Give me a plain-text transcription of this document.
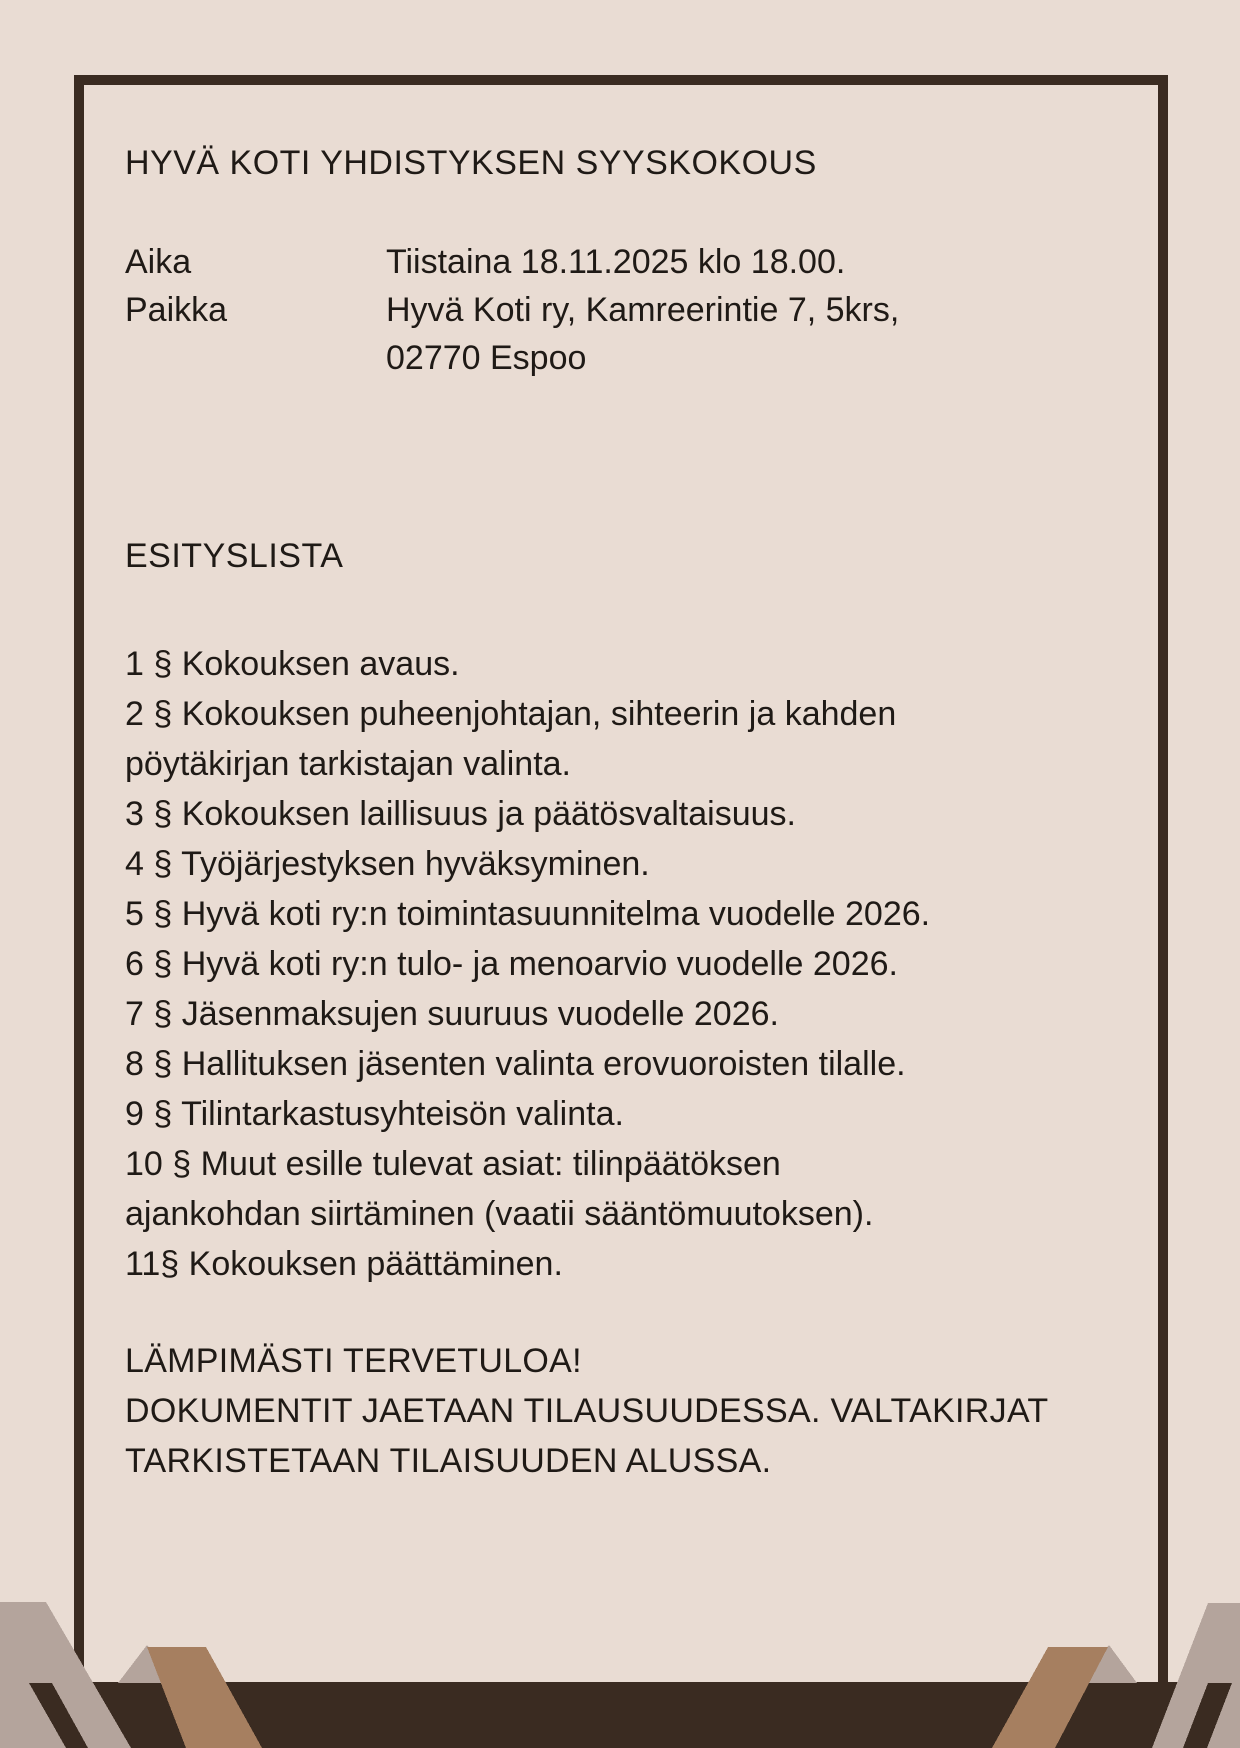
HYVÄ KOTI YHDISTYKSEN SYYSKOKOUS
Aika	Tiistaina 18.11.2025 klo 18.00.
Paikka	Hyvä Koti ry, Kamreerintie 7, 5krs,
02770 Espoo
ESITYSLISTA
1 § Kokouksen avaus.
2 § Kokouksen puheenjohtajan, sihteerin ja kahden
pöytäkirjan tarkistajan valinta.
3 § Kokouksen laillisuus ja päätösvaltaisuus.
4 § Työjärjestyksen hyväksyminen.
5 § Hyvä koti ry:n toimintasuunnitelma vuodelle 2026.
6 § Hyvä koti ry:n tulo- ja menoarvio vuodelle 2026.
7 § Jäsenmaksujen suuruus vuodelle 2026.
8 § Hallituksen jäsenten valinta erovuoroisten tilalle.
9 § Tilintarkastusyhteisön valinta.
10 § Muut esille tulevat asiat: tilinpäätöksen
ajankohdan siirtäminen (vaatii sääntömuutoksen).
11§ Kokouksen päättäminen.
LÄMPIMÄSTI TERVETULOA!
DOKUMENTIT JAETAAN TILAUSUUDESSA. VALTAKIRJAT
TARKISTETAAN TILAISUUDEN ALUSSA.
